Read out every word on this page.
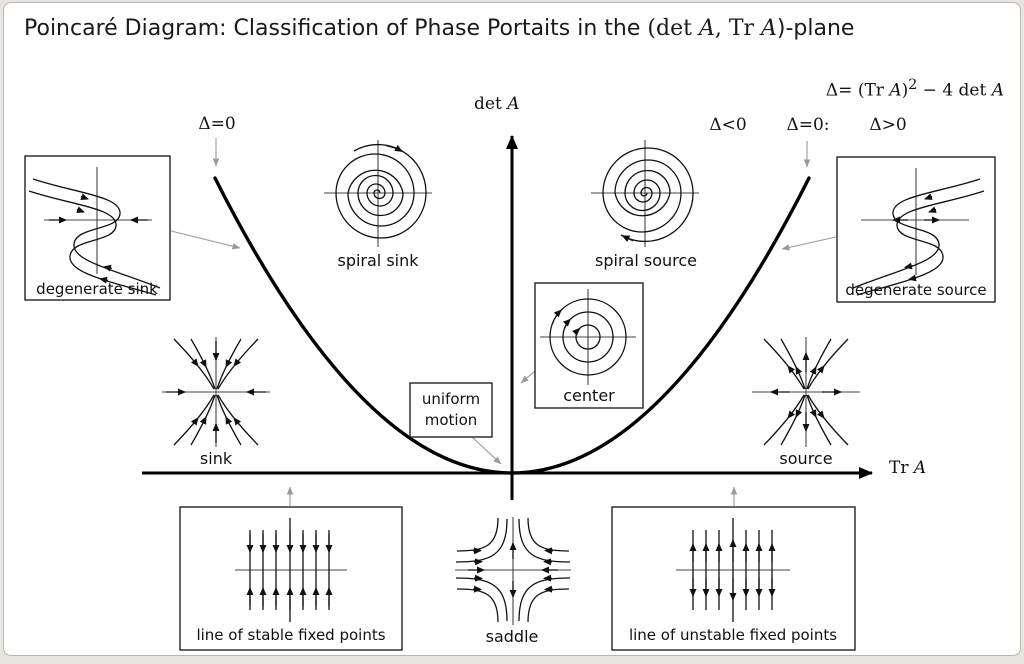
Poincaré Diagram: Classification of Phase Portaits in the (det A, Tr A)-plane
Δ= (Tr A)$^2$ − 4 det A
Δ=0	Δ<0 Δ=0: Δ>0
det A
Tr A
spiral sink	spiral source
degenerate sink	degenerate source
center
uniform
motion
sink	source
saddle
line of stable fixed points	line of unstable fixed points
